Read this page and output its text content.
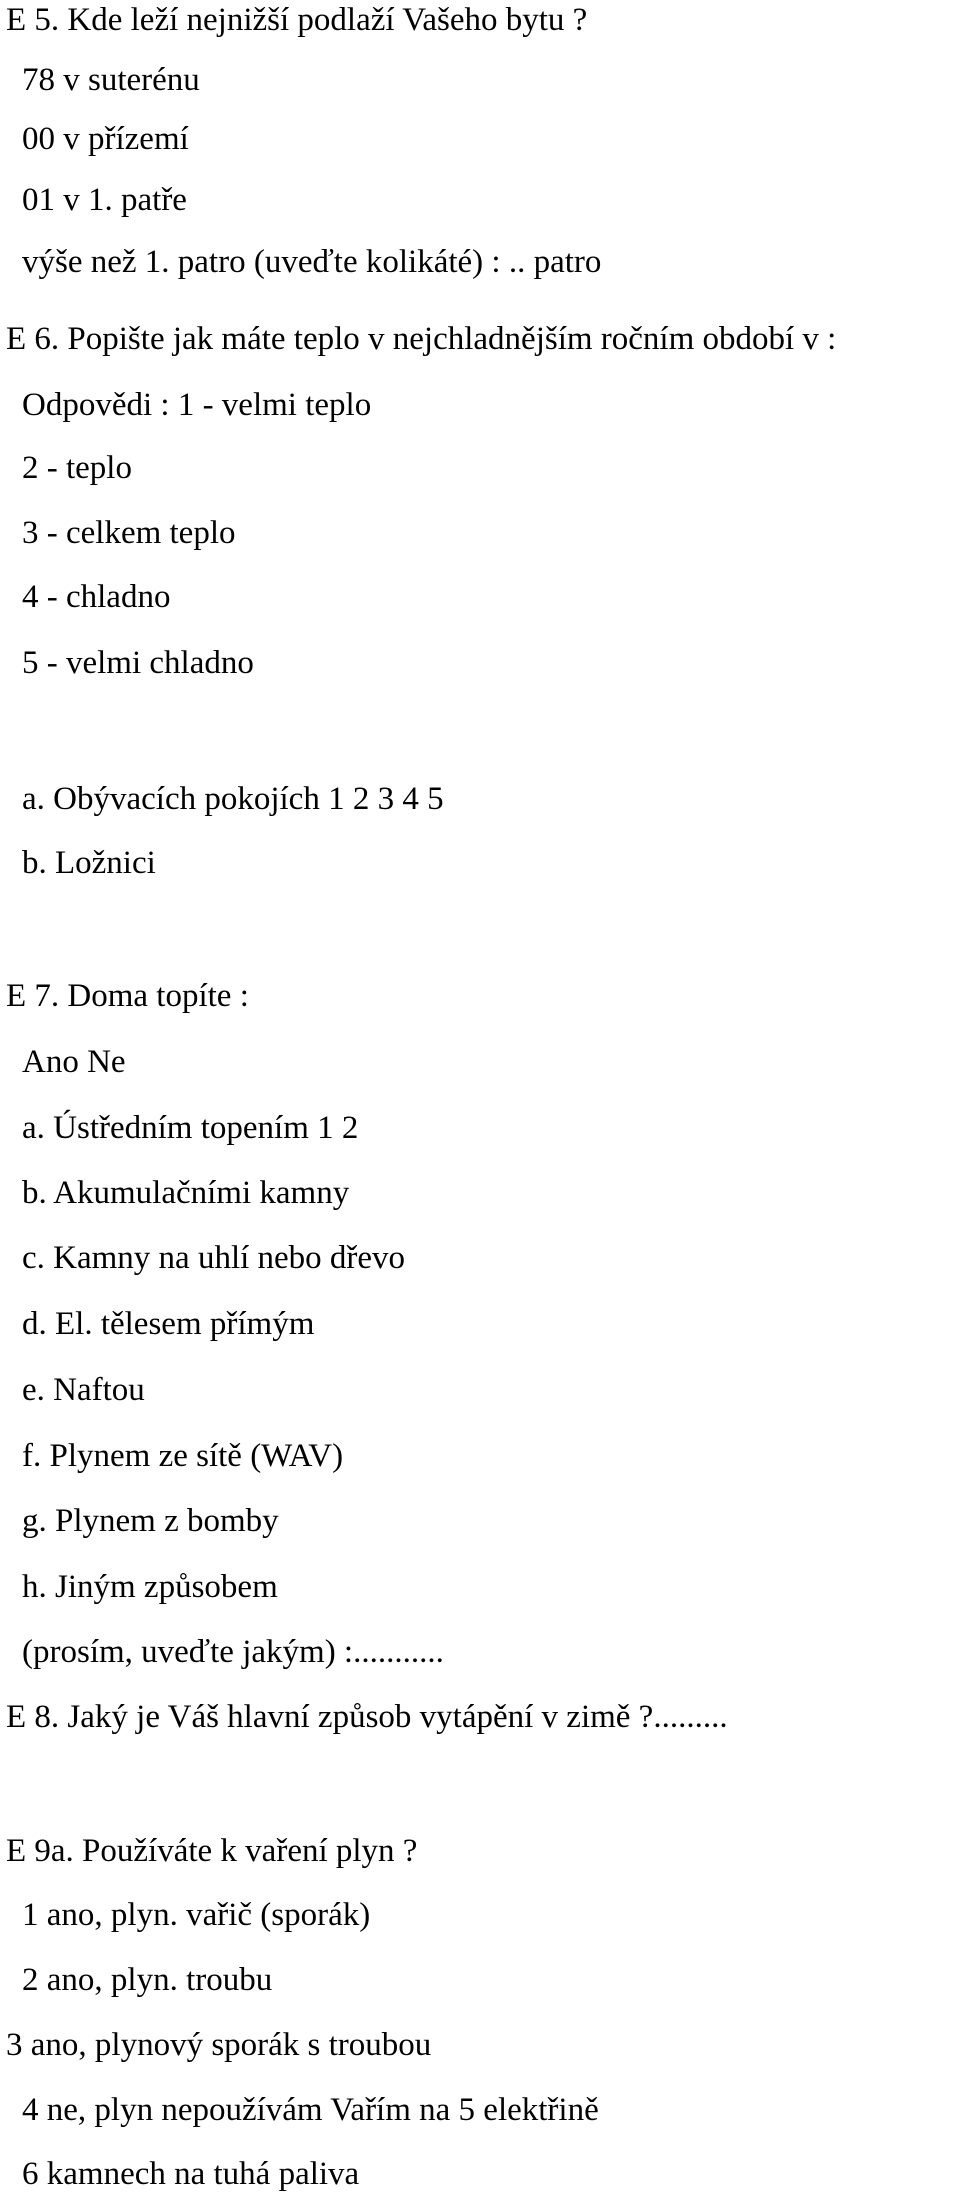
E 5. Kde leží nejnižší podlaží Vašeho bytu ?
78 v suterénu
00 v přízemí
01 v 1. patře
výše než 1. patro (uveďte kolikáté) : .. patro
E 6. Popište jak máte teplo v nejchladnějším ročním období v :
Odpovědi : 1 - velmi teplo
2 - teplo
3 - celkem teplo
4 - chladno
5 - velmi chladno
a. Obývacích pokojích 1 2 3 4 5
b. Ložnici
E 7. Doma topíte :
Ano Ne
a. Ústředním topením 1 2
b. Akumulačními kamny
c. Kamny na uhlí nebo dřevo
d. El. tělesem přímým
e. Naftou
f. Plynem ze sítě (WAV)
g. Plynem z bomby
h. Jiným způsobem
(prosím, uveďte jakým) :...........
E 8. Jaký je Váš hlavní způsob vytápění v zimě ?.........
E 9a. Používáte k vaření plyn ?
1 ano, plyn. vařič (sporák)
2 ano, plyn. troubu
3 ano, plynový sporák s troubou
4 ne, plyn nepoužívám Vařím na 5 elektřině
6 kamnech na tuhá paliva
